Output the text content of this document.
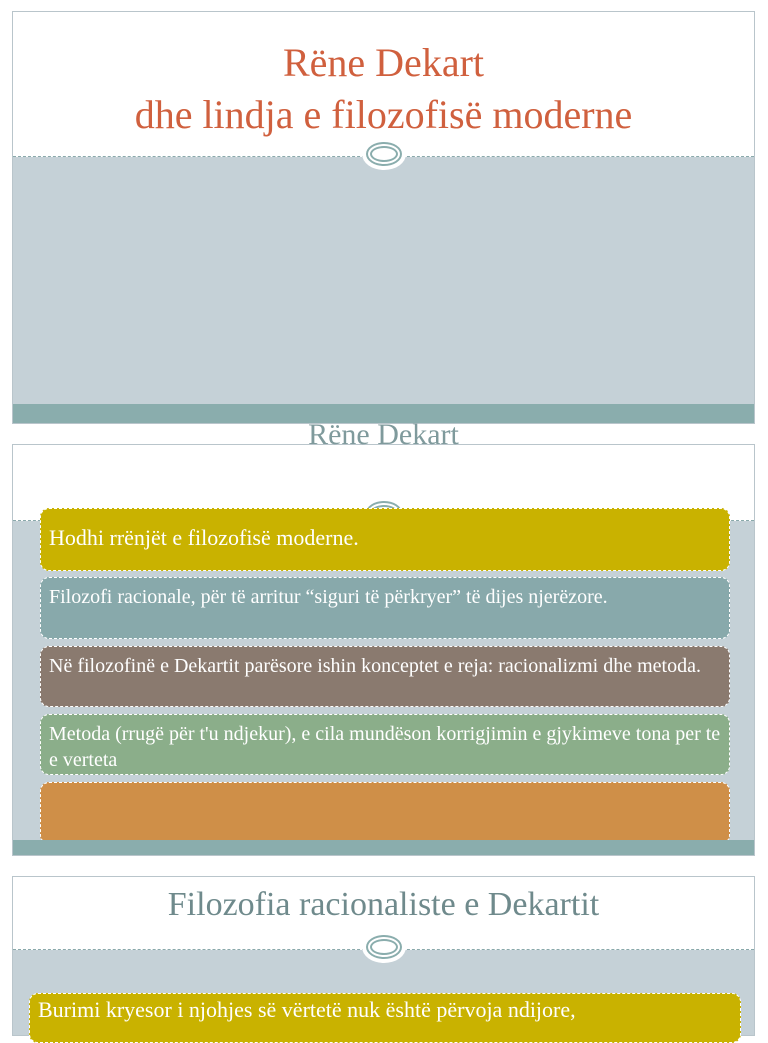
Rëne Dekart
dhe lindja e filozofisë moderne
Rëne Dekart
Hodhi rrënjët e filozofisë moderne.
Filozofi racionale, për të arritur “siguri të përkryer” të dijes njerëzore.
Në filozofinë e Dekartit parësore ishin konceptet e reja: racionalizmi dhe metoda.
Metoda (rrugë për t'u ndjekur), e cila mundëson korrigjimin e gjykimeve tona per te e verteta
Filozofia racionaliste e Dekartit
Burimi kryesor i njohjes së vërtetë nuk është përvoja ndijore,
